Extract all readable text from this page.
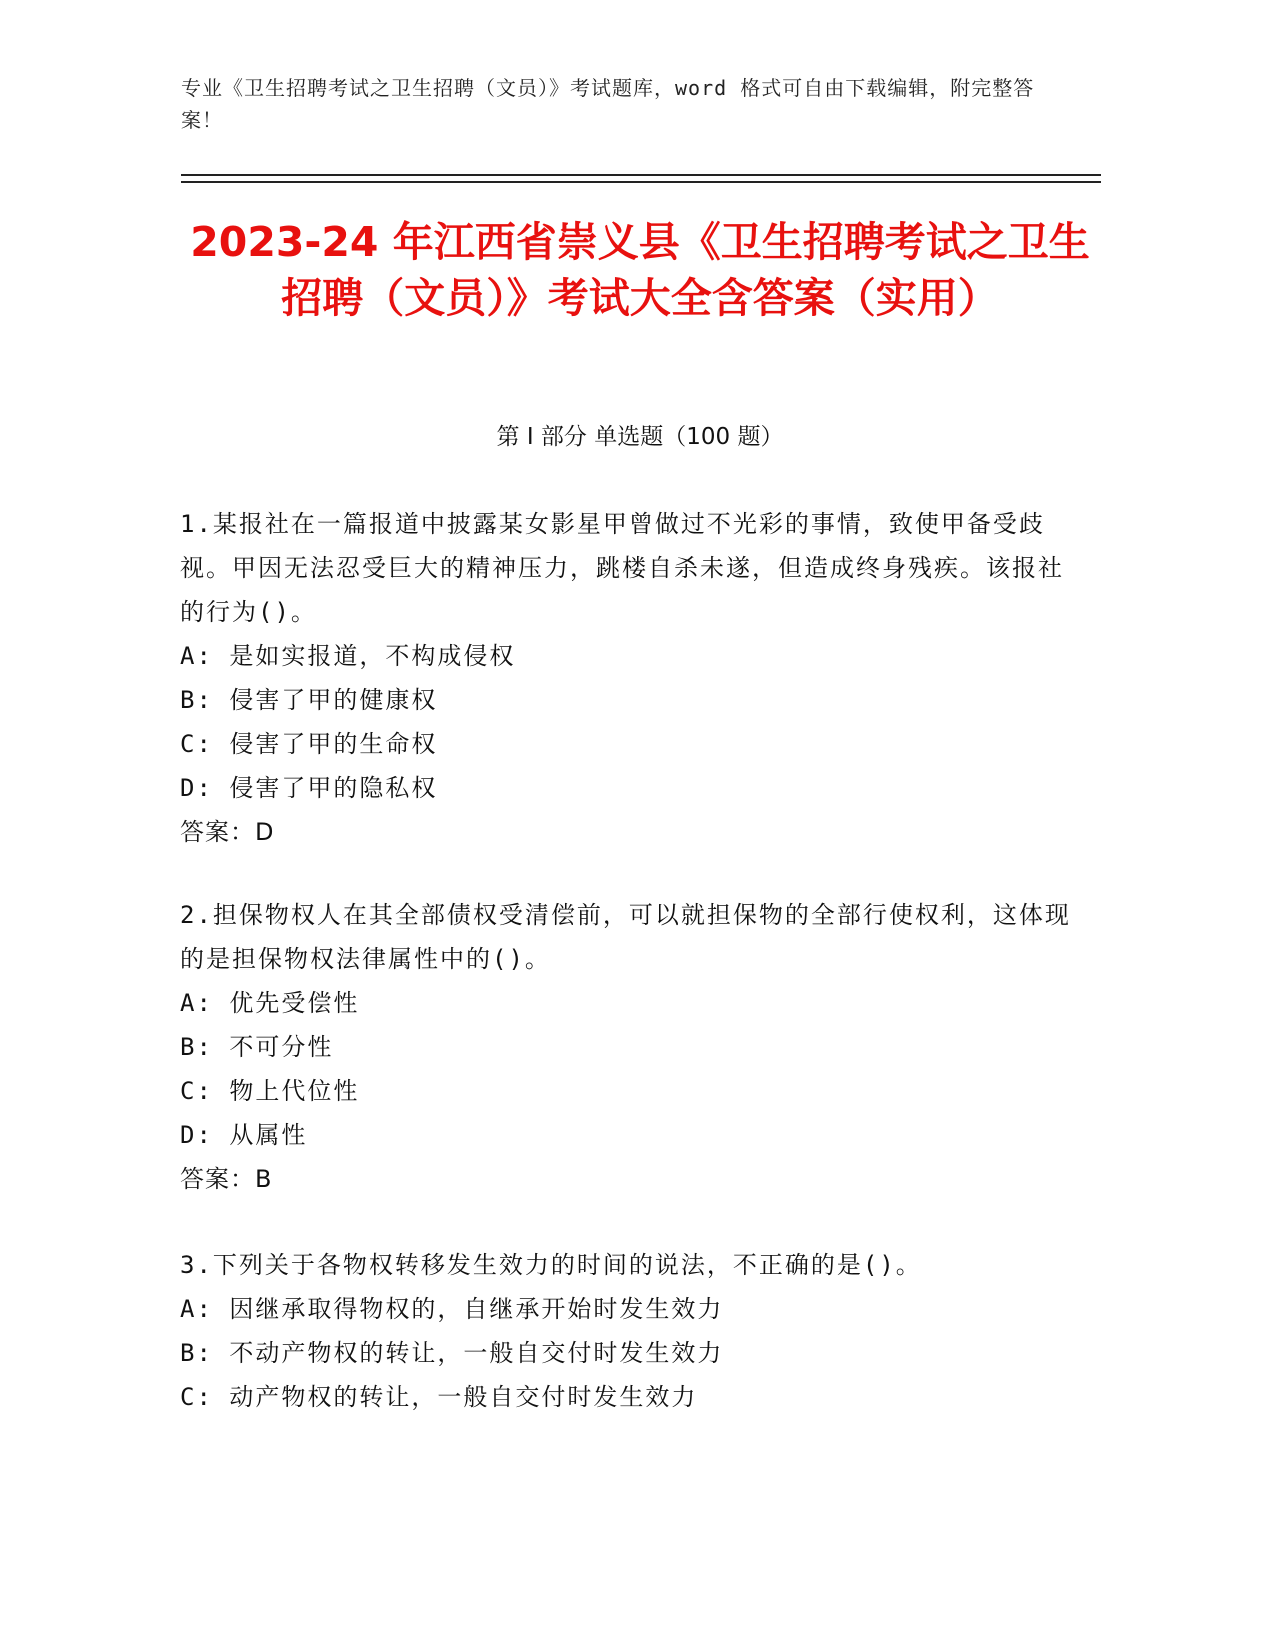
专业《卫生招聘考试之卫生招聘（文员）》考试题库，word 格式可自由下载编辑，附完整答案！
2023-24 年江西省崇义县《卫生招聘考试之卫生招聘（文员）》考试大全含答案（实用）
第 I 部分 单选题（100 题）
1.某报社在一篇报道中披露某女影星甲曾做过不光彩的事情，致使甲备受歧视。甲因无法忍受巨大的精神压力，跳楼自杀未遂，但造成终身残疾。该报社的行为()。
A: 是如实报道，不构成侵权
B: 侵害了甲的健康权
C: 侵害了甲的生命权
D: 侵害了甲的隐私权
答案：D
2.担保物权人在其全部债权受清偿前，可以就担保物的全部行使权利，这体现的是担保物权法律属性中的()。
A: 优先受偿性
B: 不可分性
C: 物上代位性
D: 从属性
答案：B
3.下列关于各物权转移发生效力的时间的说法，不正确的是()。
A: 因继承取得物权的，自继承开始时发生效力
B: 不动产物权的转让，一般自交付时发生效力
C: 动产物权的转让，一般自交付时发生效力
